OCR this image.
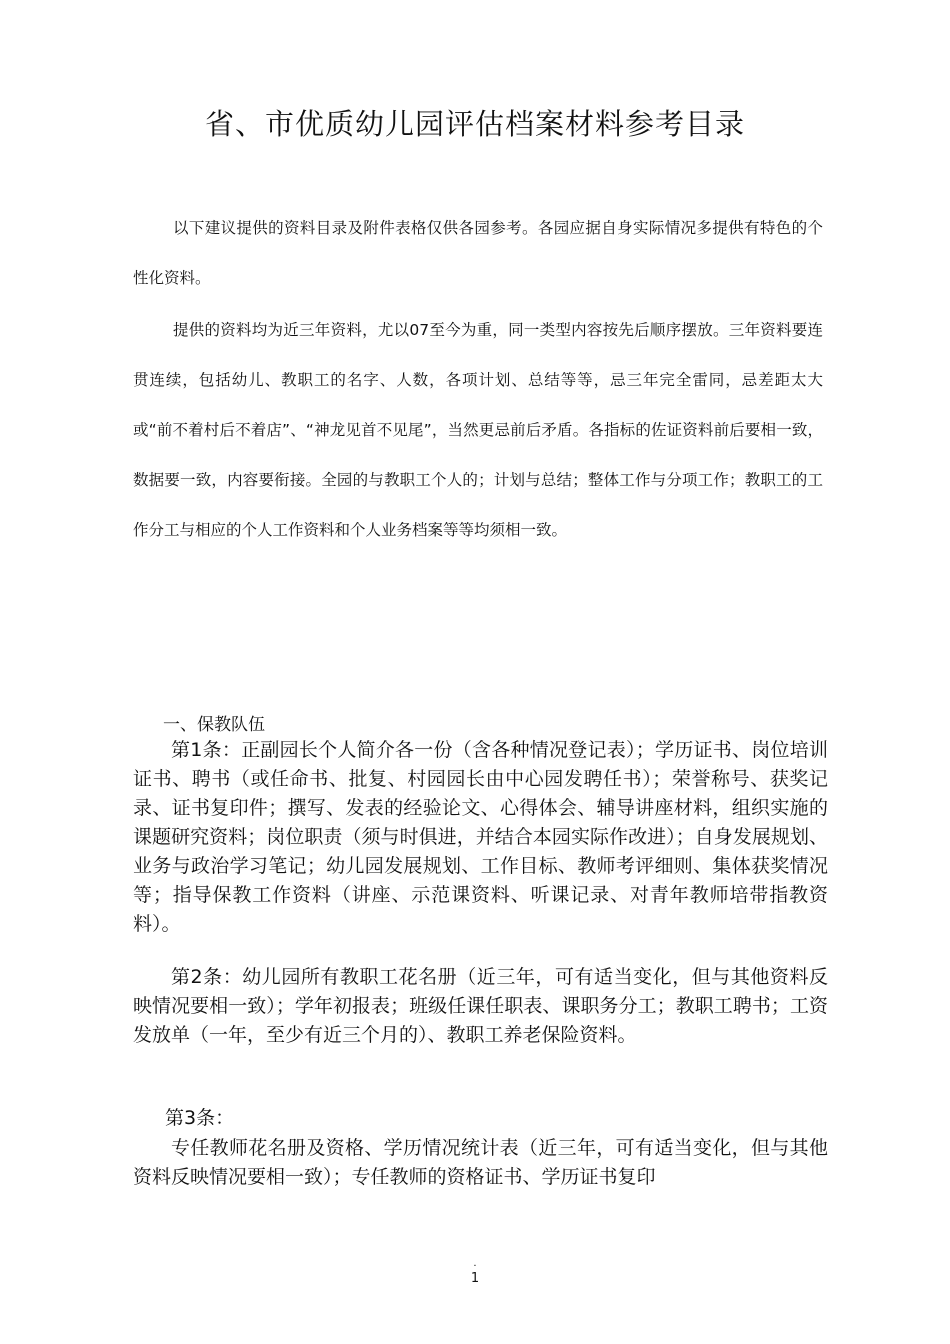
省、市优质幼儿园评估档案材料参考目录

以下建议提供的资料目录及附件表格仅供各园参考。各园应据自身实际情况多提供有特色的个性化资料。

提供的资料均为近三年资料，尤以07至今为重，同一类型内容按先后顺序摆放。三年资料要连贯连续，包括幼儿、教职工的名字、人数，各项计划、总结等等，忌三年完全雷同，忌差距太大或“前不着村后不着店”、“神龙见首不见尾”，当然更忌前后矛盾。各指标的佐证资料前后要相一致，数据要一致，内容要衔接。全园的与教职工个人的；计划与总结；整体工作与分项工作；教职工的工作分工与相应的个人工作资料和个人业务档案等等均须相一致。

一、保教队伍

第1条：正副园长个人简介各一份（含各种情况登记表）；学历证书、岗位培训证书、聘书（或任命书、批复、村园园长由中心园发聘任书）；荣誉称号、获奖记录、证书复印件；撰写、发表的经验论文、心得体会、辅导讲座材料，组织实施的课题研究资料；岗位职责（须与时俱进，并结合本园实际作改进）；自身发展规划、业务与政治学习笔记；幼儿园发展规划、工作目标、教师考评细则、集体获奖情况等；指导保教工作资料（讲座、示范课资料、听课记录、对青年教师培带指教资料）。

第2条：幼儿园所有教职工花名册（近三年，可有适当变化，但与其他资料反映情况要相一致）；学年初报表；班级任课任职表、课职务分工；教职工聘书；工资发放单（一年，至少有近三个月的）、教职工养老保险资料。

第3条：

专任教师花名册及资格、学历情况统计表（近三年，可有适当变化，但与其他资料反映情况要相一致）；专任教师的资格证书、学历证书复印

.
1
